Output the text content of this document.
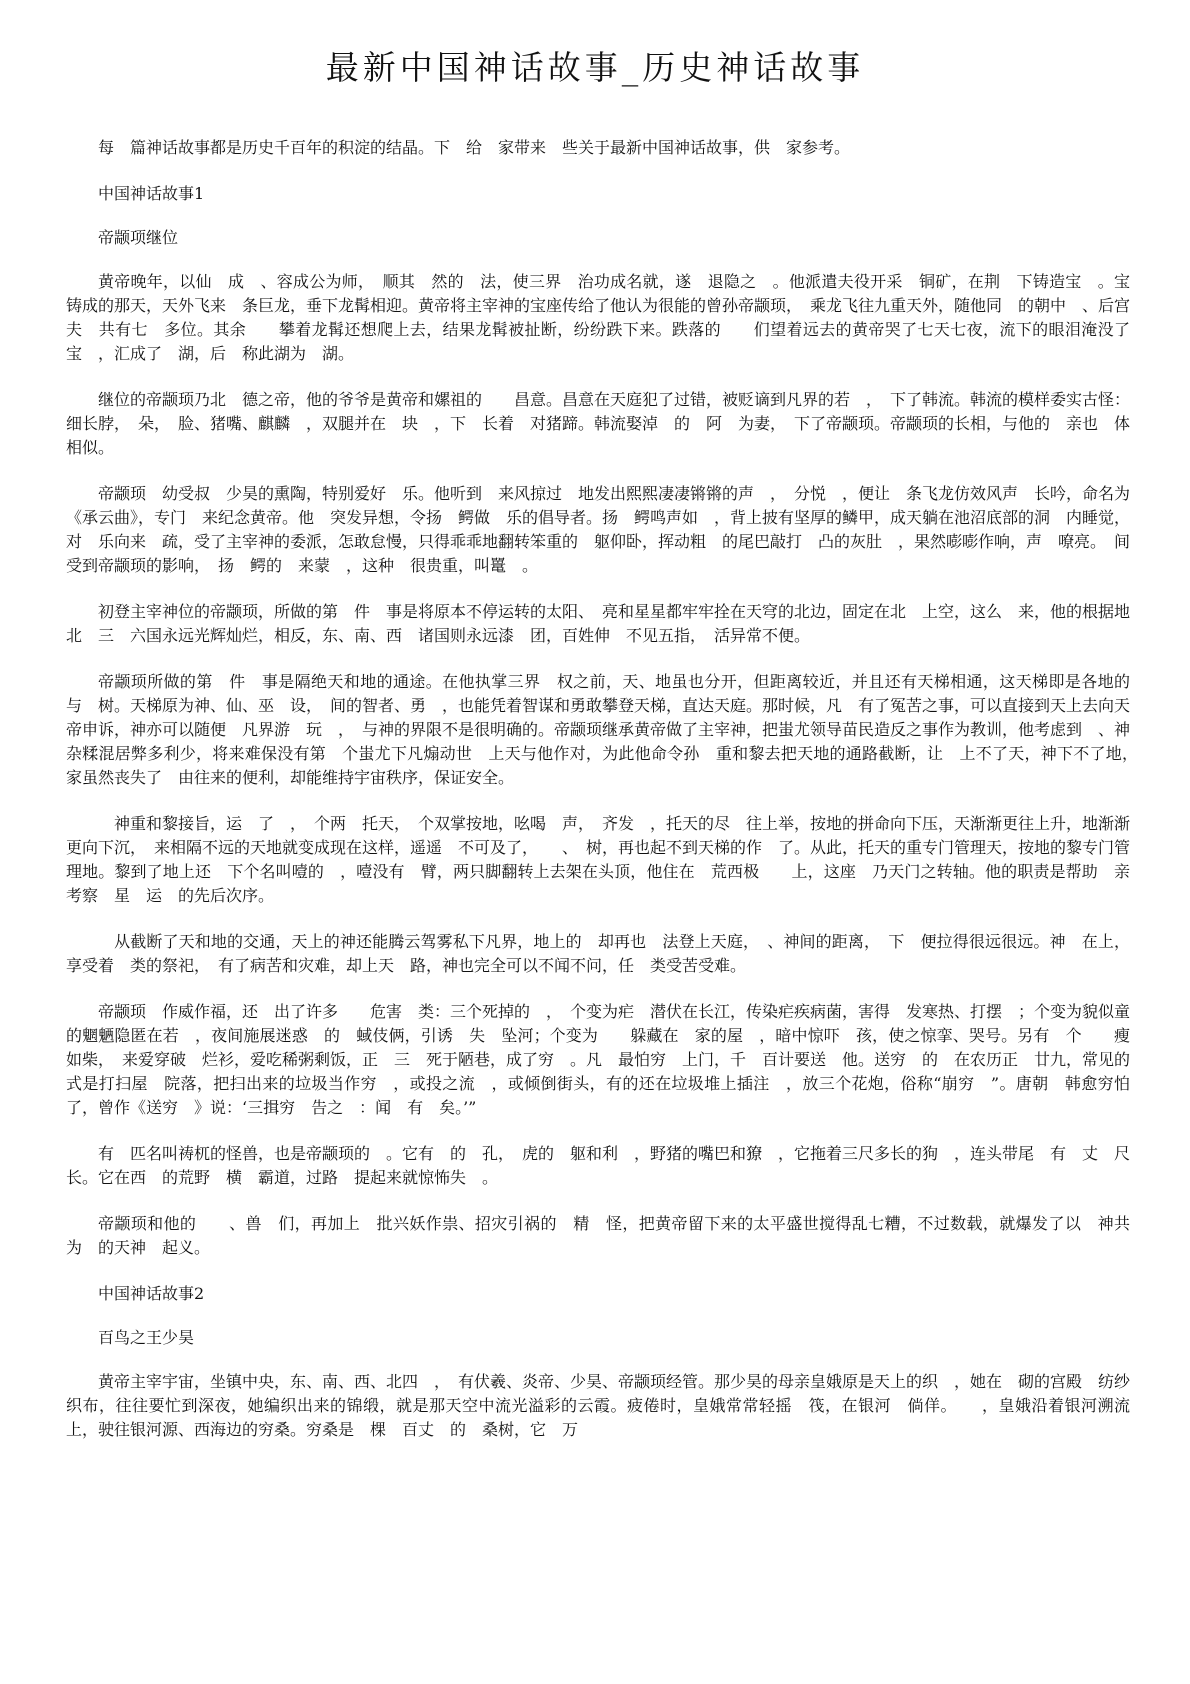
最新中国神话故事_历史神话故事

每　篇神话故事都是历史千百年的积淀的结晶。下　给　家带来　些关于最新中国神话故事，供　家参考。

中国神话故事1

帝颛项继位

黄帝晚年，以仙　成　、容成公为师，　顺其　然的　法，使三界　治功成名就，遂　退隐之　。他派遣夫役开采　铜矿，在荆　下铸造宝　。宝　铸成的那天，天外飞来　条巨龙，垂下龙髯相迎。黄帝将主宰神的宝座传给了他认为很能的曾孙帝颛顼，　乘龙飞往九重天外，随他同　的朝中　、后宫夫　共有七　多位。其余　　攀着龙髯还想爬上去，结果龙髯被扯断，纷纷跌下来。跌落的　　们望着远去的黄帝哭了七天七夜，流下的眼泪淹没了宝　，汇成了　湖，后　称此湖为　湖。

继位的帝颛顼乃北　德之帝，他的爷爷是黄帝和嫘祖的　　昌意。昌意在天庭犯了过错，被贬谪到凡界的若　，　下了韩流。韩流的模样委实古怪：细长脖，　朵，　脸、猪嘴、麒麟　，双腿并在　块　，下　长着　对猪蹄。韩流娶淖　的　阿　为妻，　下了帝颛顼。帝颛顼的长相，与他的　亲也　体相似。

帝颛顼　幼受叔　少昊的熏陶，特别爱好　乐。他听到　来风掠过　地发出熙熙凄凄锵锵的声　，　分悦　，便让　条飞龙仿效风声　长吟，命名为《承云曲》，专门　来纪念黄帝。他　突发异想，令扬　鳄做　乐的倡导者。扬　鳄鸣声如　，背上披有坚厚的鳞甲，成天躺在池沼底部的洞　内睡觉，对　乐向来　疏，受了主宰神的委派，怎敢怠慢，只得乖乖地翻转笨重的　躯仰卧，挥动粗　的尾巴敲打　凸的灰肚　，果然嘭嘭作响，声　嘹亮。　间受到帝颛顼的影响，　扬　鳄的　来蒙　，这种　很贵重，叫鼍　。

初登主宰神位的帝颛顼，所做的第　件　事是将原本不停运转的太阳、　亮和星星都牢牢拴在天穹的北边，固定在北　上空，这么　来，他的根据地北　三　六国永远光辉灿烂，相反，东、南、西　诸国则永远漆　团，百姓伸　不见五指，　活异常不便。

帝颛顼所做的第　件　事是隔绝天和地的通途。在他执掌三界　权之前，天、地虽也分开，但距离较近，并且还有天梯相通，这天梯即是各地的　　与　树。天梯原为神、仙、巫　设，　间的智者、勇　，也能凭着智谋和勇敢攀登天梯，直达天庭。那时候，凡　有了冤苦之事，可以直接到天上去向天帝申诉，神亦可以随便　凡界游　玩　，　与神的界限不是很明确的。帝颛顼继承黄帝做了主宰神，把蚩尤领导苗民造反之事作为教训，他考虑到　、神杂糅混居弊多利少，将来难保没有第　个蚩尤下凡煽动世　上天与他作对，为此他命令孙　重和黎去把天地的通路截断，让　上不了天，神下不了地，　家虽然丧失了　由往来的便利，却能维持宇宙秩序，保证安全。

　神重和黎接旨，运　了　，　个两　托天，　个双掌按地，吆喝　声，　齐发　，托天的尽　往上举，按地的拼命向下压，天渐渐更往上升，地渐渐更向下沉，　来相隔不远的天地就变成现在这样，遥遥　不可及了，　　、　树，再也起不到天梯的作　了。从此，托天的重专门管理天，按地的黎专门管理地。黎到了地上还　下个名叫噎的　，噎没有　臂，两只脚翻转上去架在头顶，他住在　荒西极　　上，这座　乃天门之转轴。他的职责是帮助　亲考察　星　运　的先后次序。

　从截断了天和地的交通，天上的神还能腾云驾雾私下凡界，地上的　却再也　法登上天庭，　、神间的距离，　下　便拉得很远很远。神　在上，享受着　类的祭祀，　有了病苦和灾难，却上天　路，神也完全可以不闻不问，任　类受苦受难。

帝颛顼　作威作福，还　出了许多　　危害　类：三个死掉的　，　个变为疟　潜伏在长江，传染疟疾病菌，害得　发寒热、打摆　；个变为貌似童　的魍魉隐匿在若　，夜间施展迷惑　的　蜮伎俩，引诱　失　坠河；个变为　　躲藏在　家的屋　，暗中惊吓　孩，使之惊挛、哭号。另有　个　　瘦如柴，　来爱穿破　烂衫，爱吃稀粥剩饭，正　三　死于陋巷，成了穷　。凡　最怕穷　上门，千　百计要送　他。送穷　的　在农历正　廿九，常见的　式是打扫屋　院落，把扫出来的垃圾当作穷　，或投之流　，或倾倒街头，有的还在垃圾堆上插注　，放三个花炮，俗称“崩穷　”。唐朝　韩愈穷怕了，曾作《送穷　》说：‘三揖穷　告之　：闻　有　矣。’”

有　匹名叫祷杌的怪兽，也是帝颛顼的　。它有　的　孔，　虎的　躯和利　，野猪的嘴巴和獠　，它拖着三尺多长的狗　，连头带尾　有　丈　尺长。它在西　的荒野　横　霸道，过路　提起来就惊怖失　。

帝颛顼和他的　　、兽　们，再加上　批兴妖作祟、招灾引祸的　精　怪，把黄帝留下来的太平盛世搅得乱七糟，不过数载，就爆发了以　神共　为　的天神　起义。

中国神话故事2

百鸟之王少昊

黄帝主宰宇宙，坐镇中央，东、南、西、北四　，　有伏羲、炎帝、少昊、帝颛顼经管。那少昊的母亲皇娥原是天上的织　，她在　砌的宫殿　纺纱织布，往往要忙到深夜，她编织出来的锦缎，就是那天空中流光溢彩的云霞。疲倦时，皇娥常常轻摇　筏，在银河　倘佯。　　，皇娥沿着银河溯流　上，驶往银河源、西海边的穷桑。穷桑是　棵　百丈　的　桑树，它　万
